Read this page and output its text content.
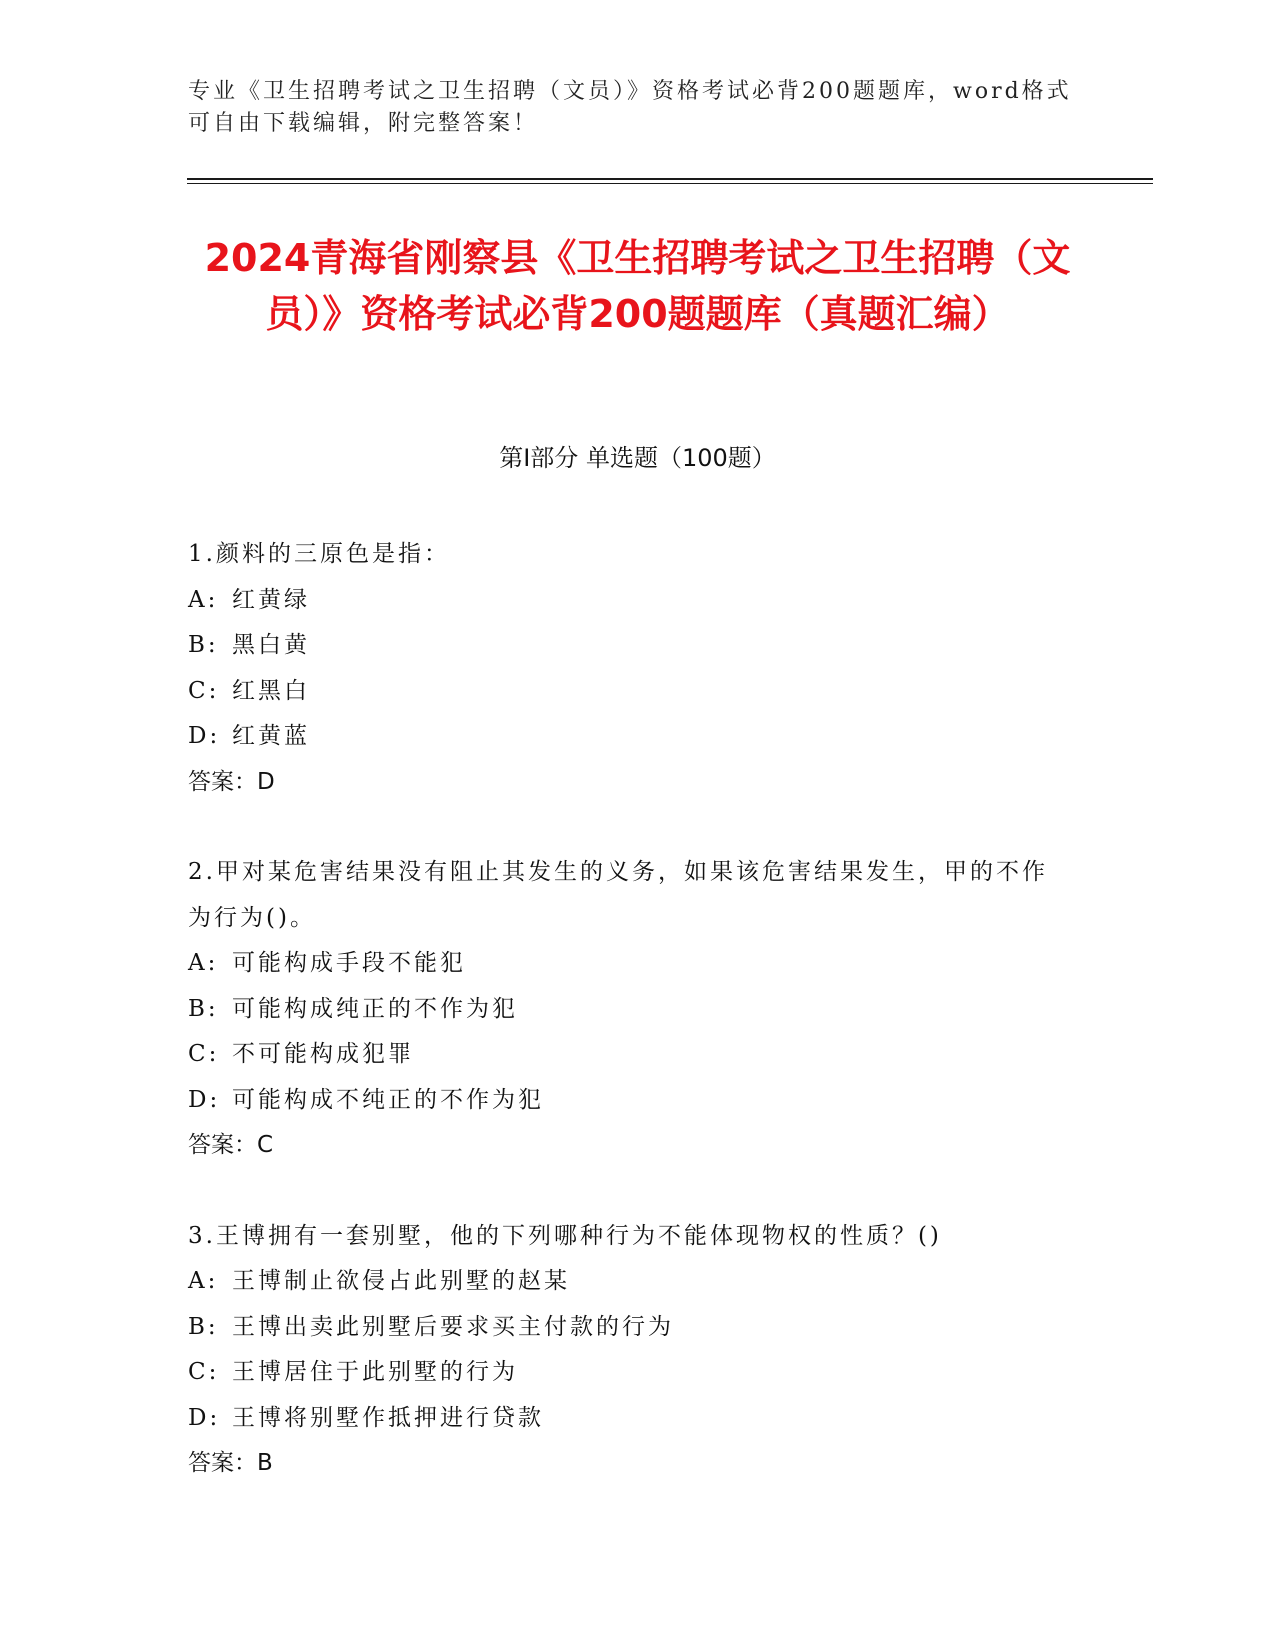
专业《卫生招聘考试之卫生招聘（文员）》资格考试必背200题题库，word格式可自由下载编辑，附完整答案！
2024青海省刚察县《卫生招聘考试之卫生招聘（文员）》资格考试必背200题题库（真题汇编）
第I部分 单选题（100题）
1.颜料的三原色是指：
A: 红黄绿
B: 黑白黄
C: 红黑白
D: 红黄蓝
答案：D
2.甲对某危害结果没有阻止其发生的义务，如果该危害结果发生，甲的不作为行为()。
A: 可能构成手段不能犯
B: 可能构成纯正的不作为犯
C: 不可能构成犯罪
D: 可能构成不纯正的不作为犯
答案：C
3.王博拥有一套别墅，他的下列哪种行为不能体现物权的性质？()
A: 王博制止欲侵占此别墅的赵某
B: 王博出卖此别墅后要求买主付款的行为
C: 王博居住于此别墅的行为
D: 王博将别墅作抵押进行贷款
答案：B
